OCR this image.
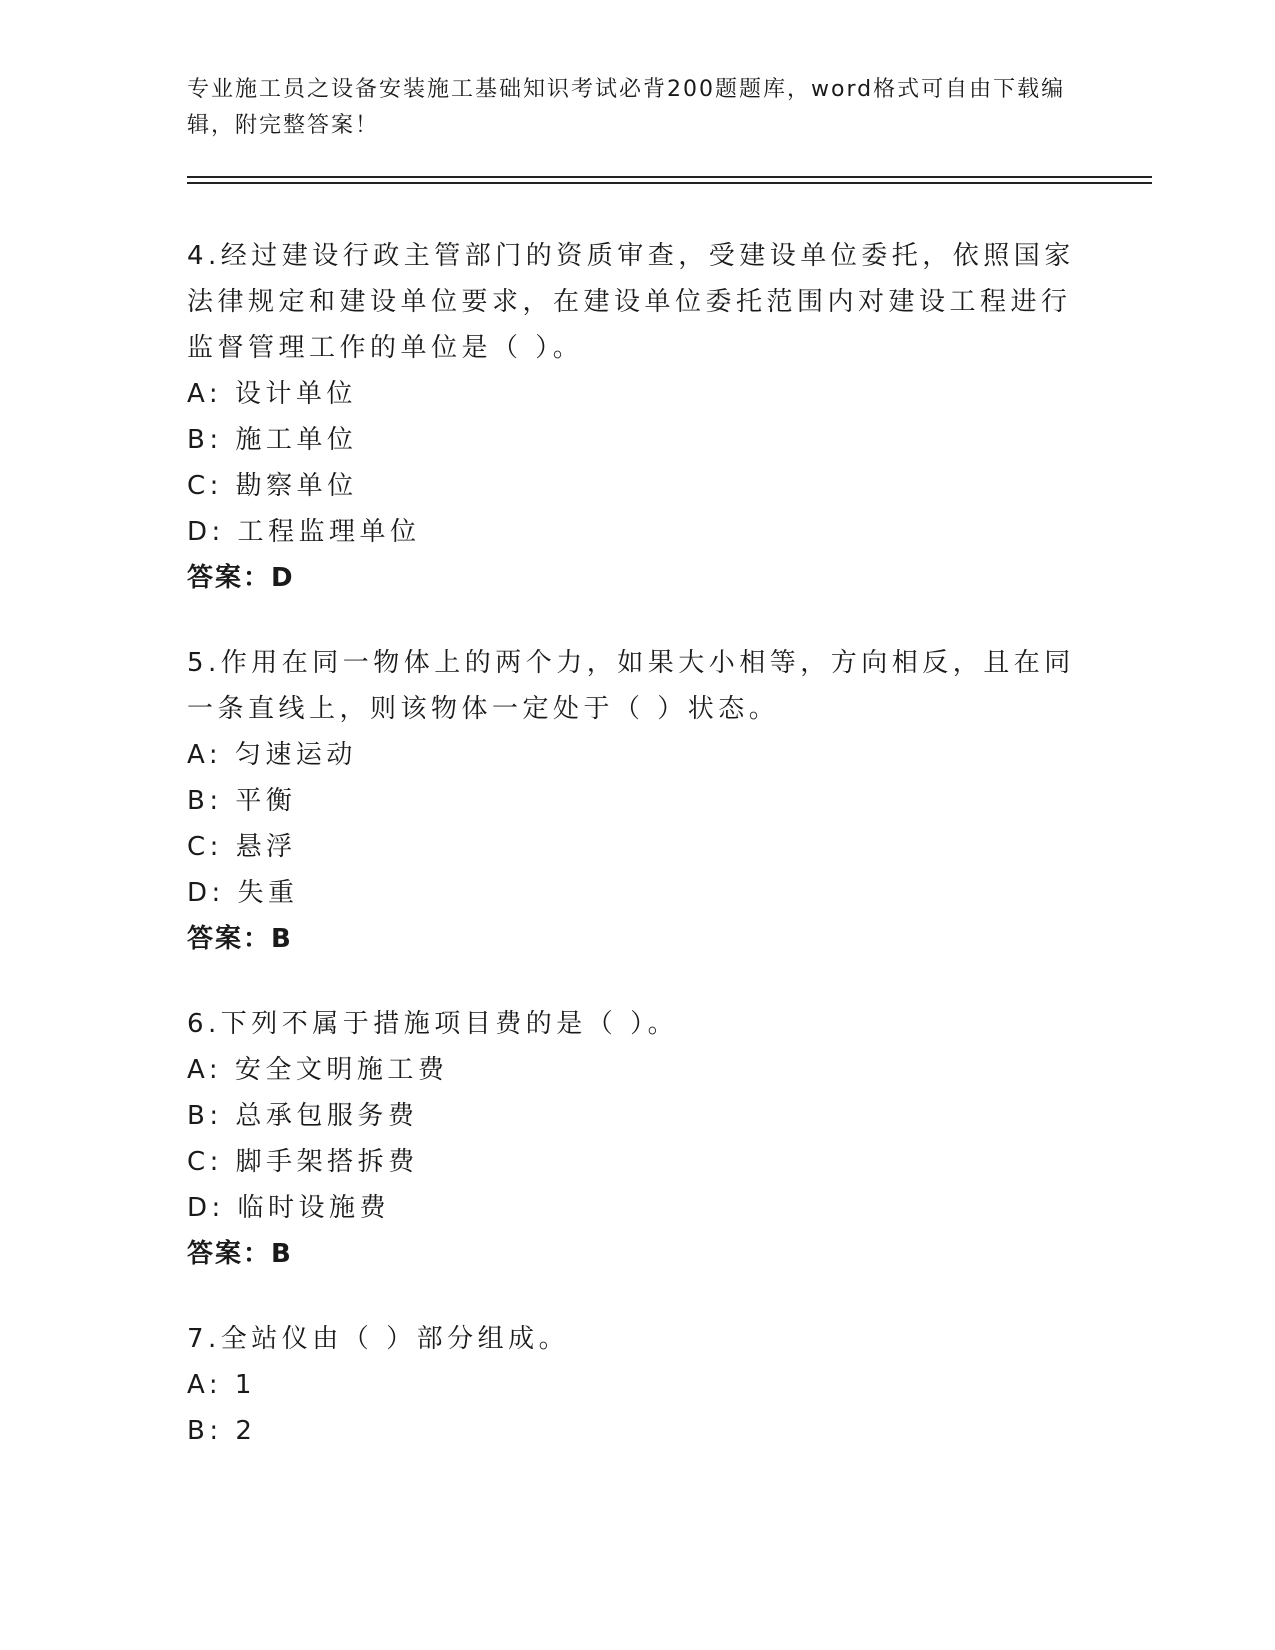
专业施工员之设备安装施工基础知识考试必背200题题库，word格式可自由下载编辑，附完整答案！
4.经过建设行政主管部门的资质审查，受建设单位委托，依照国家法律规定和建设单位要求，在建设单位委托范围内对建设工程进行监督管理工作的单位是（ ）。
A: 设计单位
B: 施工单位
C: 勘察单位
D: 工程监理单位
答案：D
5.作用在同一物体上的两个力，如果大小相等，方向相反，且在同一条直线上，则该物体一定处于（ ）状态。
A: 匀速运动
B: 平衡
C: 悬浮
D: 失重
答案：B
6.下列不属于措施项目费的是（ ）。
A: 安全文明施工费
B: 总承包服务费
C: 脚手架搭拆费
D: 临时设施费
答案：B
7.全站仪由（ ）部分组成。
A: 1
B: 2
